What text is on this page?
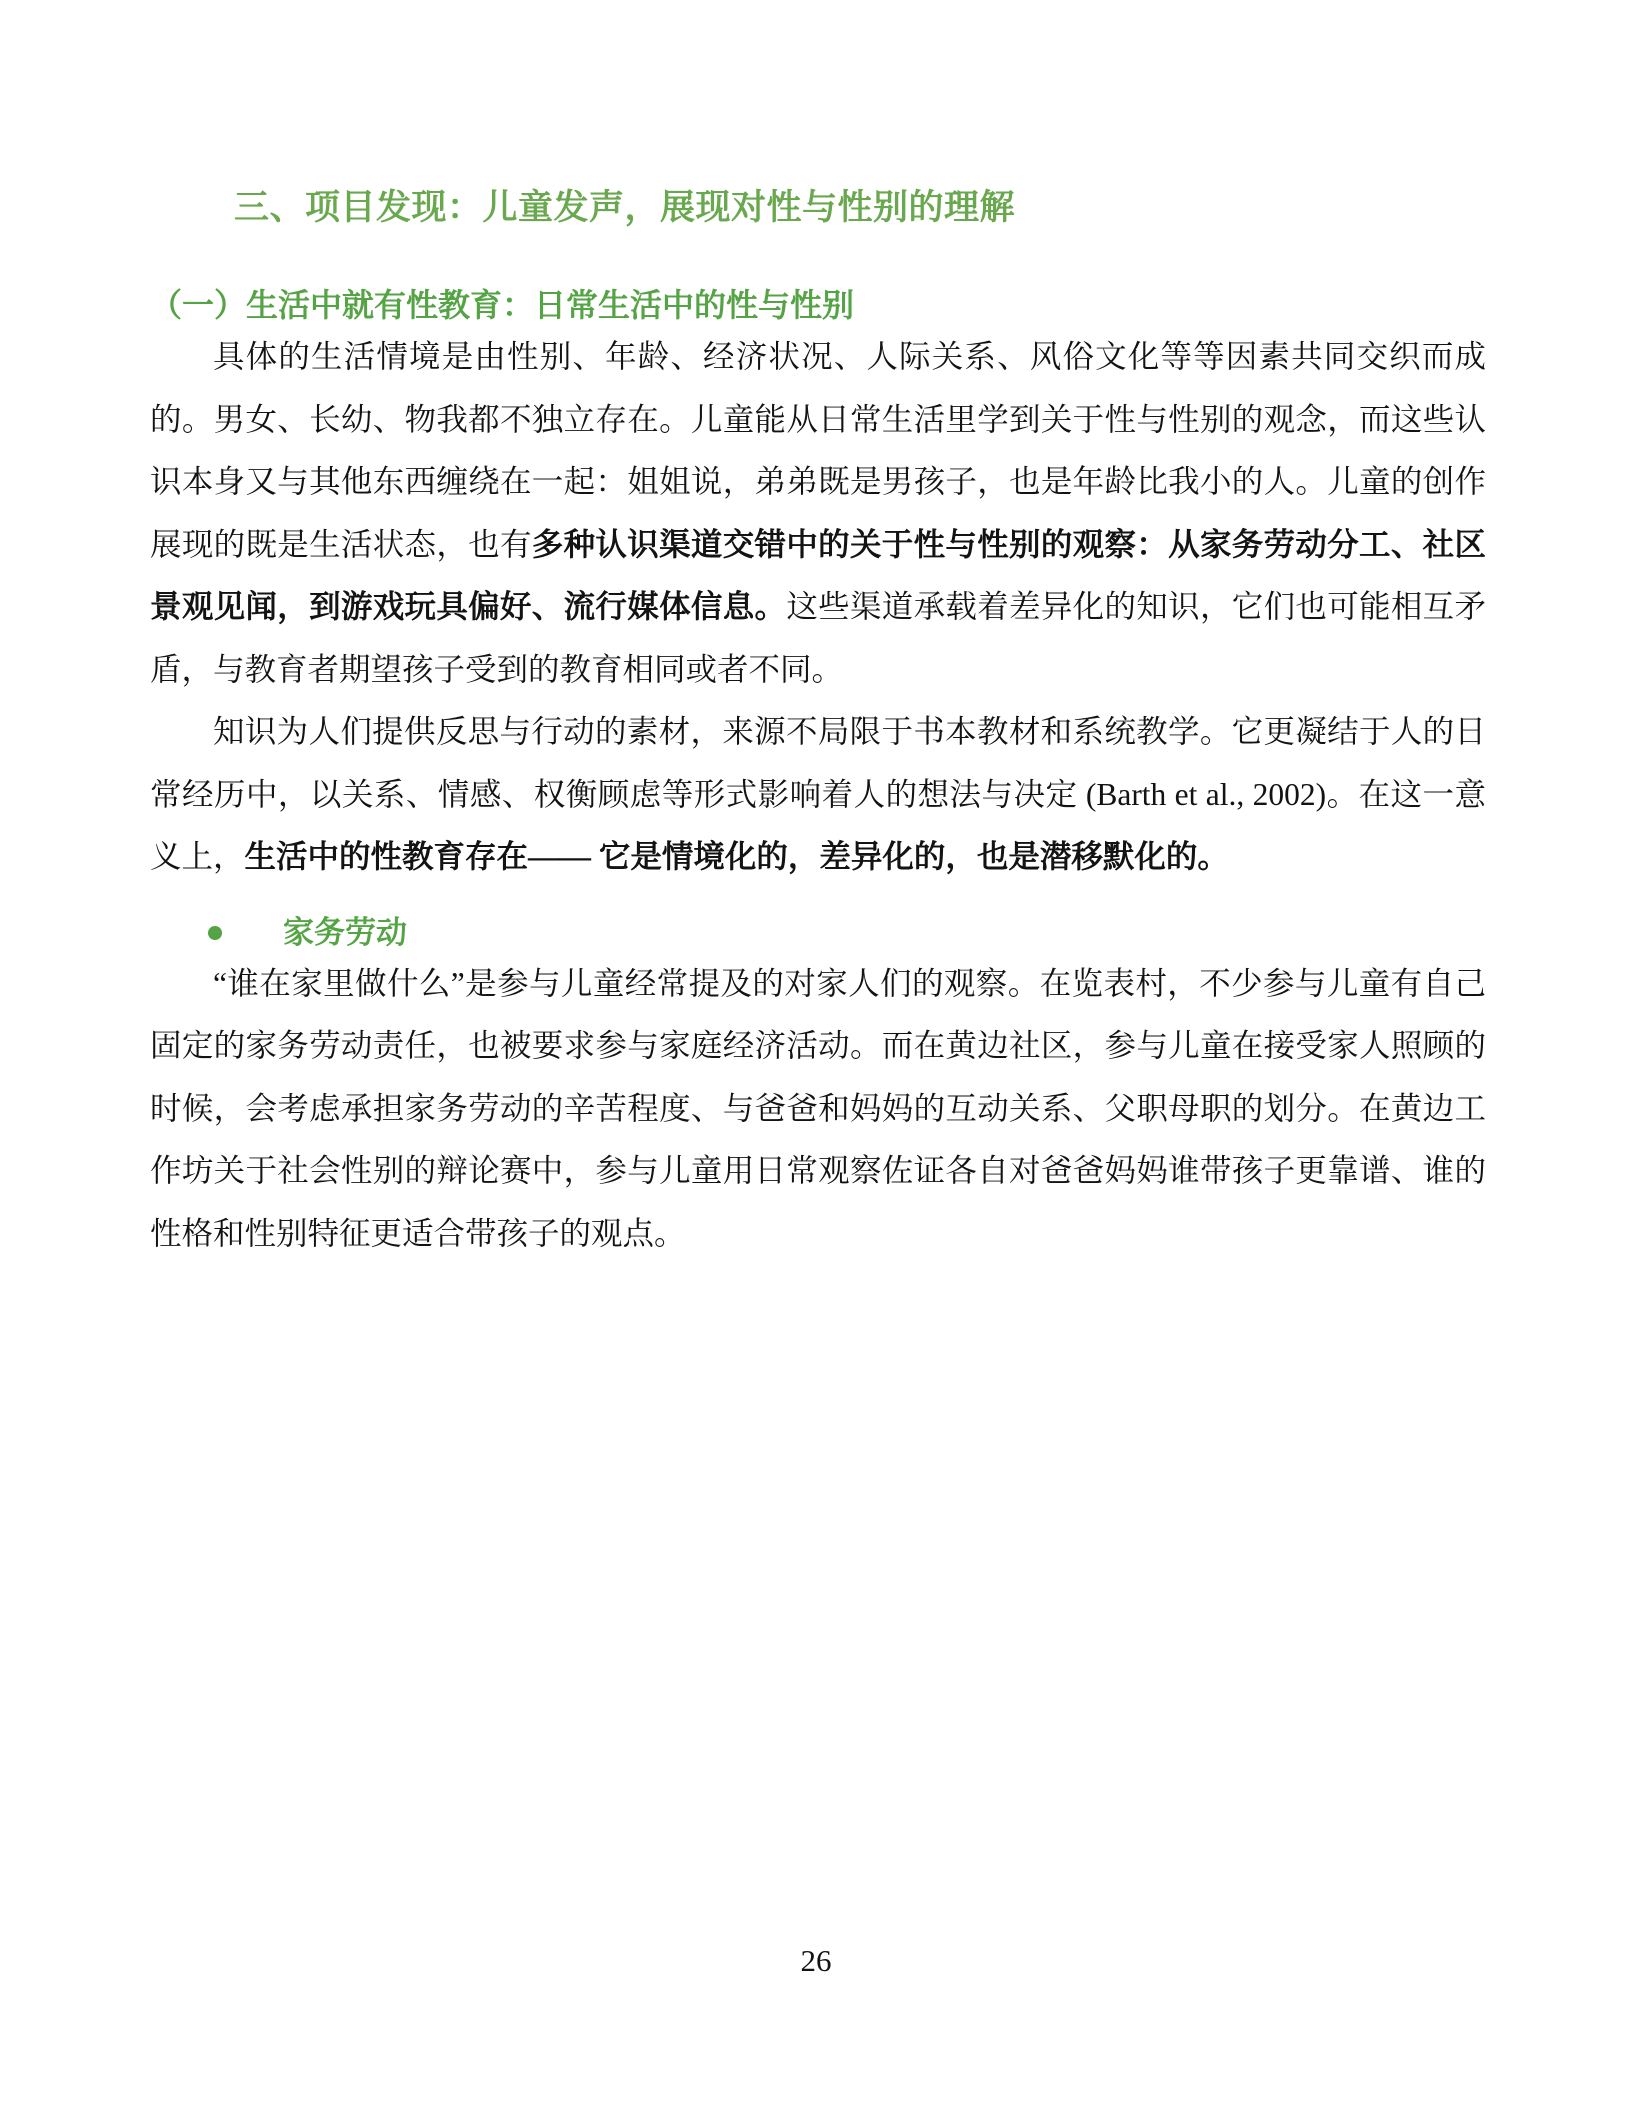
三、项目发现：儿童发声，展现对性与性别的理解
（一）生活中就有性教育：日常生活中的性与性别

具体的生活情境是由性别、年龄、经济状况、人际关系、风俗文化等等因素共同交织而成的。男女、长幼、物我都不独立存在。儿童能从日常生活里学到关于性与性别的观念，而这些认识本身又与其他东西缠绕在一起：姐姐说，弟弟既是男孩子，也是年龄比我小的人。儿童的创作展现的既是生活状态，也有多种认识渠道交错中的关于性与性别的观察：从家务劳动分工、社区景观见闻，到游戏玩具偏好、流行媒体信息。这些渠道承载着差异化的知识，它们也可能相互矛盾，与教育者期望孩子受到的教育相同或者不同。

知识为人们提供反思与行动的素材，来源不局限于书本教材和系统教学。它更凝结于人的日常经历中，以关系、情感、权衡顾虑等形式影响着人的想法与决定 (Barth et al., 2002)。在这一意义上，生活中的性教育存在—— 它是情境化的，差异化的，也是潜移默化的。

家务劳动

“谁在家里做什么”是参与儿童经常提及的对家人们的观察。在览表村，不少参与儿童有自己固定的家务劳动责任，也被要求参与家庭经济活动。而在黄边社区，参与儿童在接受家人照顾的时候，会考虑承担家务劳动的辛苦程度、与爸爸和妈妈的互动关系、父职母职的划分。在黄边工作坊关于社会性别的辩论赛中，参与儿童用日常观察佐证各自对爸爸妈妈谁带孩子更靠谱、谁的性格和性别特征更适合带孩子的观点。

26
